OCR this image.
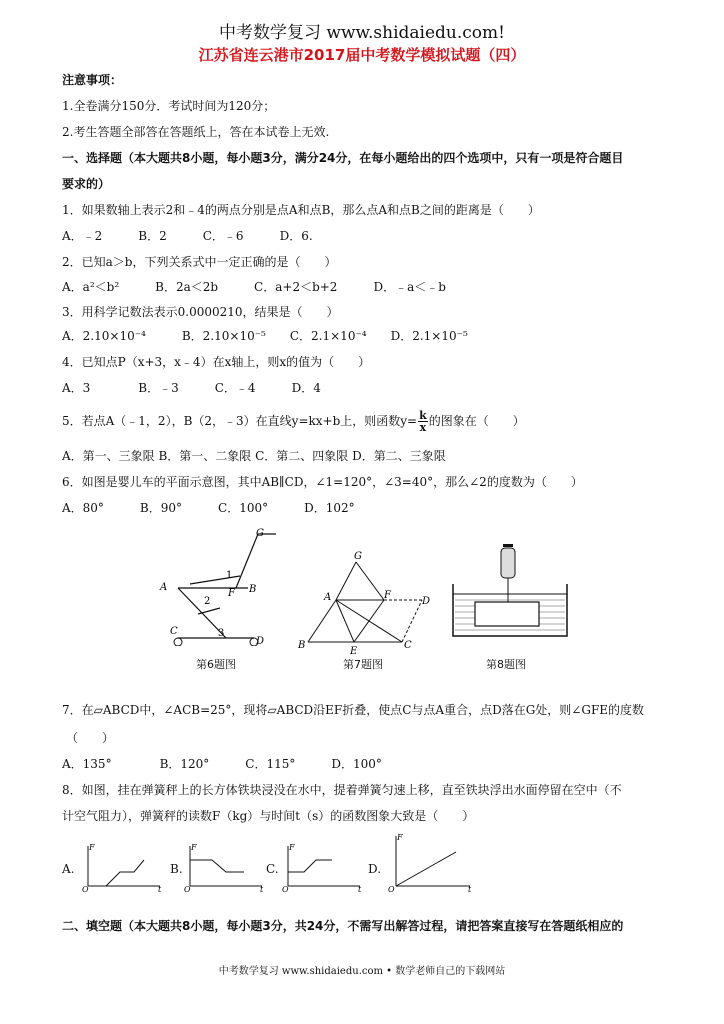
中考数学复习 www.shidaiedu.com!
江苏省连云港市2017届中考数学模拟试题（四）
注意事项：
1.全卷满分150分．考试时间为120分；
2.考生答题全部答在答题纸上，答在本试卷上无效.
一、选择题（本大题共8小题，每小题3分，满分24分，在每小题给出的四个选项中，只有一项是符合题目
要求的）
1．如果数轴上表示2和﹣4的两点分别是点A和点B，那么点A和点B之间的距离是（　　）
A．﹣2　　　B．2　　　C．﹣6　　　D．6.
2．已知a＞b，下列关系式中一定正确的是（　　）
A．a²＜b²　　　B．2a＜2b　　　C．a+2＜b+2　　　D．﹣a＜﹣b
3．用科学记数法表示0.0000210，结果是（　　）
A．2.10×10⁻⁴　　　B．2.10×10⁻⁵　　C．2.1×10⁻⁴　　D．2.1×10⁻⁵
4．已知点P（x+3，x﹣4）在x轴上，则x的值为（　　）
A．3　　　　B．﹣3　　　C．﹣4　　　D．4
5．若点A（﹣1，2），B（2，﹣3）在直线y=kx+b上，则函数$y= \frac{k}{x}$ 的图象在（　　）
A．第一、三象限 B．第一、二象限 C．第二、四象限 D．第二、三象限
6．如图是婴儿车的平面示意图，其中AB∥CD，∠1=120°，∠3=40°，那么∠2的度数为（　　）
A．80°　　　B．90°　　　C．100°　　　D．102°
A	B
F
G
C
D
1
2
3
第6题图
A
G
F
D
B
E
C
第7题图	第8题图
7．在▱ABCD中，∠ACB=25°，现将▱ABCD沿EF折叠，使点C与点A重合，点D落在G处，则∠GFE的度数
（　　）
A．135°　　　　B．120°　　　C．115°　　　D．100°
8．如图，挂在弹簧秤上的长方体铁块浸没在水中，提着弹簧匀速上移，直至铁块浮出水面停留在空中（不
计空气阻力），弹簧秤的读数F（kg）与时间t（s）的函数图象大致是（　　）
A.
F
t
O
B.
F
t
O
C.
F
t
O
D.
F
t
O
二、填空题（本大题共8小题，每小题3分，共24分，不需写出解答过程，请把答案直接写在答题纸相应的
中考数学复习 www.shidaiedu.com • 数学老师自己的下载网站
